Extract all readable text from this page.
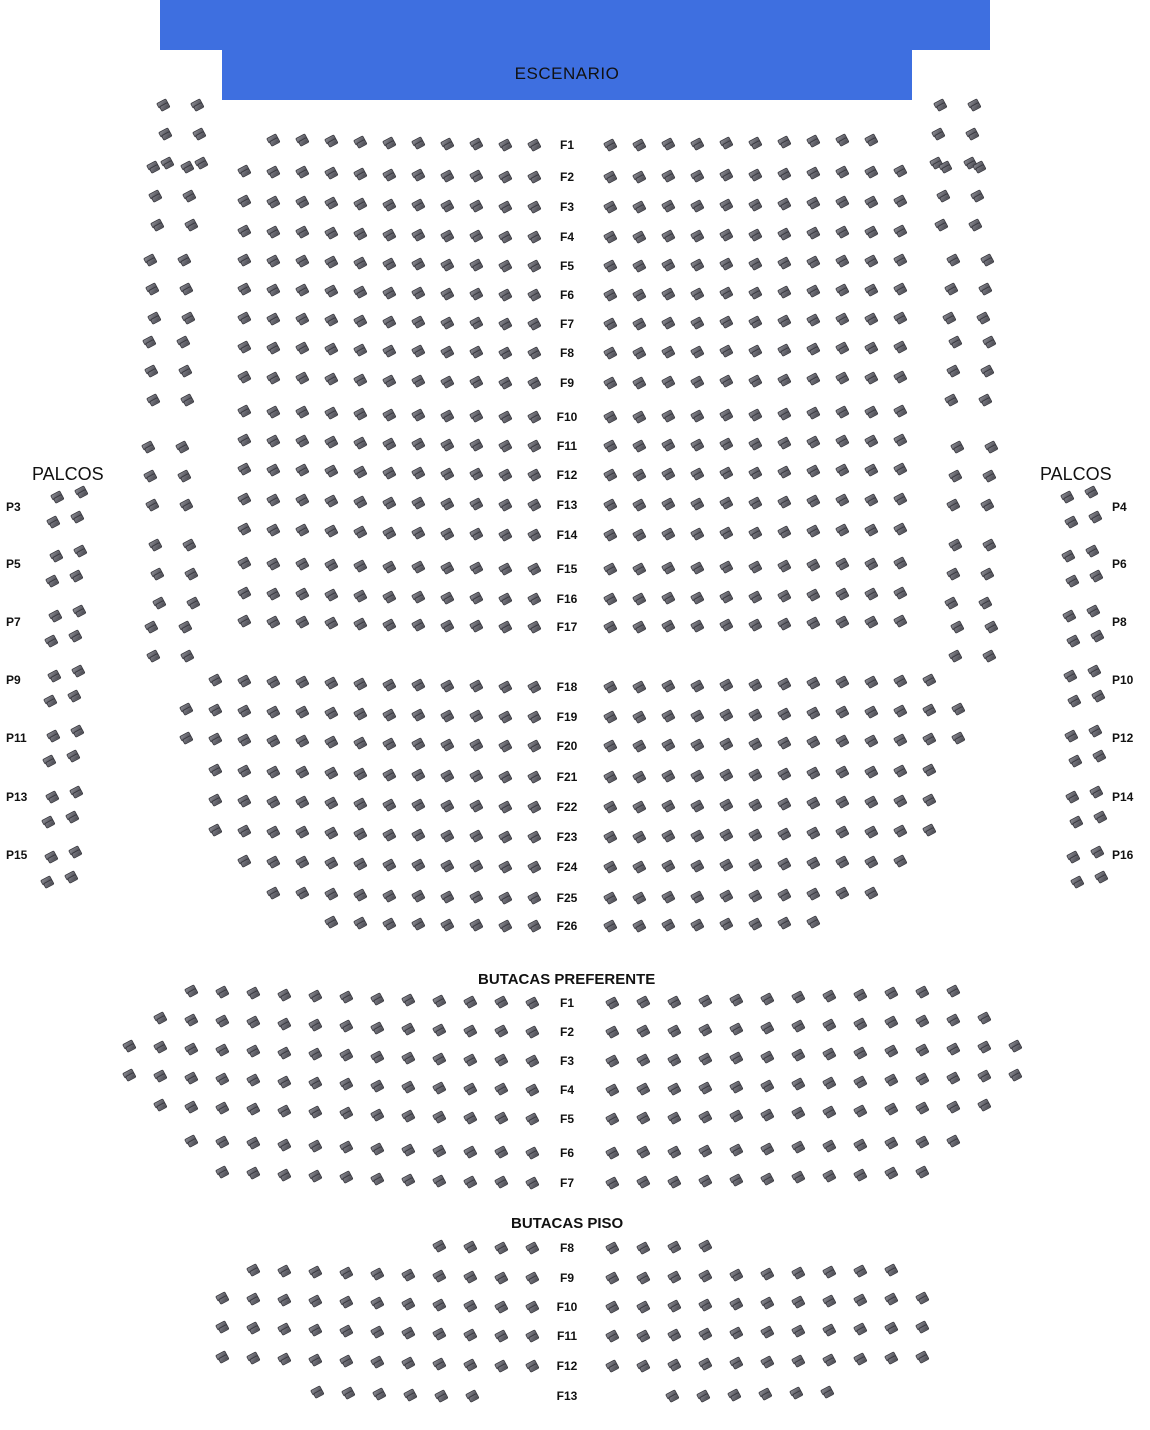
ESCENARIO
PALCOS	PALCOS
BUTACAS PREFERENTE
BUTACAS PISO
F1
F2
F3
F4
F5
F6
F7
F8
F9
F10
F11
F12
F13
F14
F15
F16
F17
F18
F19
F20
F21
F22
F23
F24
F25
F26
P3
P5
P7
P9
P11
P13
P15
P4
P6
P8
P10
P12
P14
P16
F1
F2
F3
F4
F5
F6
F7
F8
F9
F10
F11
F12
F13
